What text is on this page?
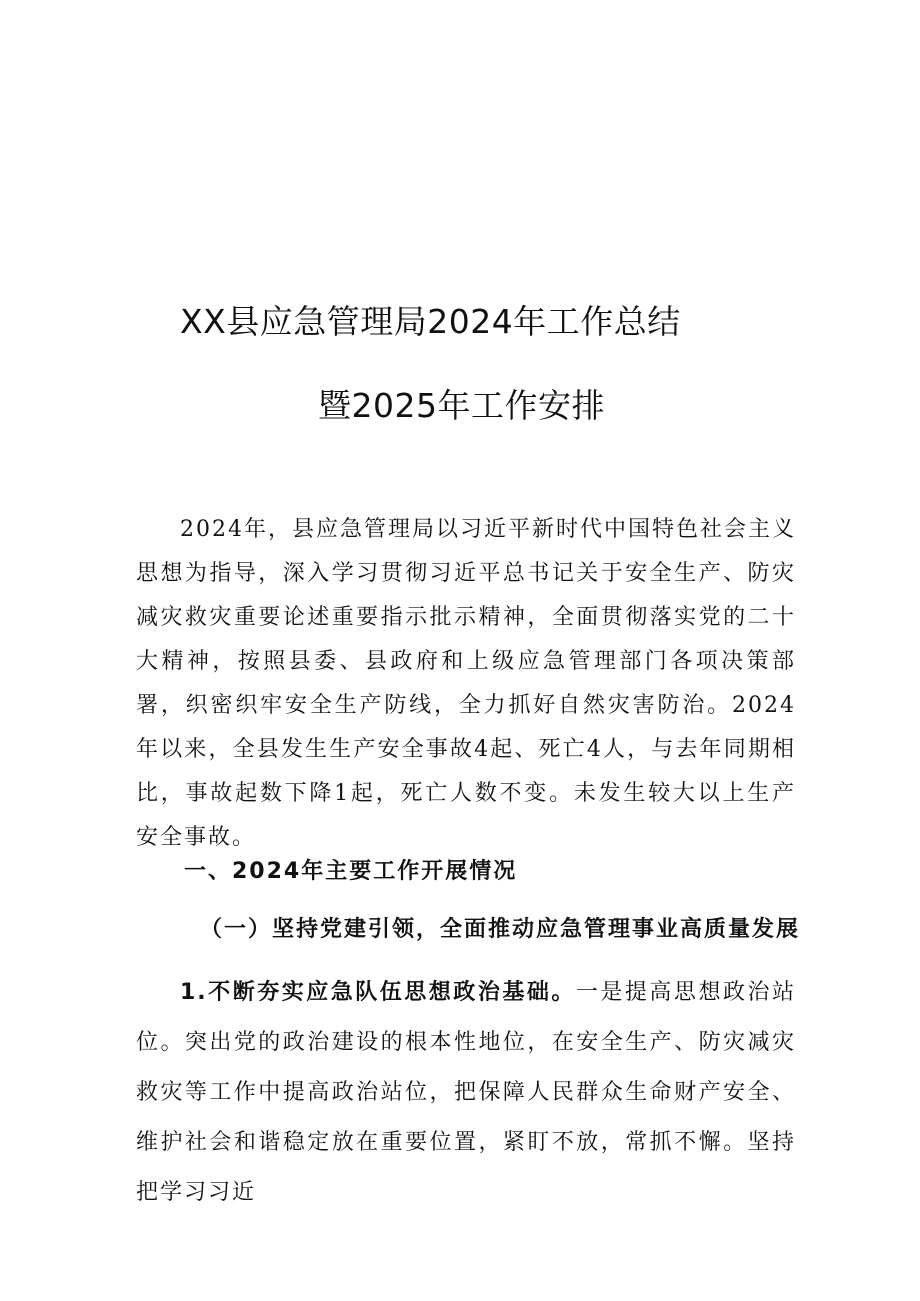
XX县应急管理局2024年工作总结
暨2025年工作安排

2024年，县应急管理局以习近平新时代中国特色社会主义思想为指导，深入学习贯彻习近平总书记关于安全生产、防灾减灾救灾重要论述重要指示批示精神，全面贯彻落实党的二十大精神，按照县委、县政府和上级应急管理部门各项决策部署，织密织牢安全生产防线，全力抓好自然灾害防治。2024年以来，全县发生生产安全事故4起、死亡4人，与去年同期相比，事故起数下降1起，死亡人数不变。未发生较大以上生产安全事故。

一、2024年主要工作开展情况
（一）坚持党建引领，全面推动应急管理事业高质量发展

1.不断夯实应急队伍思想政治基础。一是提高思想政治站位。突出党的政治建设的根本性地位，在安全生产、防灾减灾救灾等工作中提高政治站位，把保障人民群众生命财产安全、维护社会和谐稳定放在重要位置，紧盯不放，常抓不懈。坚持把学习习近
